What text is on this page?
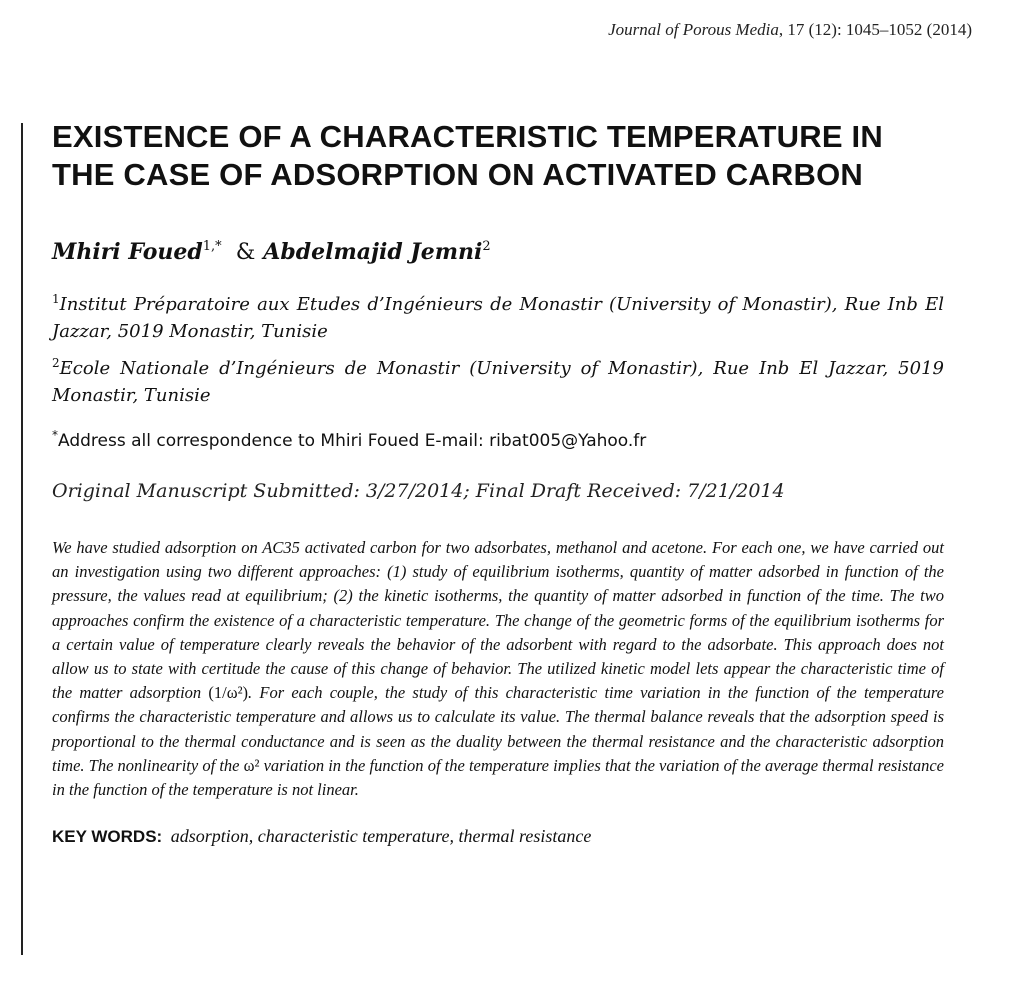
Journal of Porous Media, 17 (12): 1045–1052 (2014)
EXISTENCE OF A CHARACTERISTIC TEMPERATURE IN THE CASE OF ADSORPTION ON ACTIVATED CARBON
Mhiri Foued$^{1,*}$ & Abdelmajid Jemni$^2$
$^1$Institut Préparatoire aux Etudes d’Ingénieurs de Monastir (University of Monastir), Rue Inb El Jazzar, 5019 Monastir, Tunisie
$^2$Ecole Nationale d’Ingénieurs de Monastir (University of Monastir), Rue Inb El Jazzar, 5019 Monastir, Tunisie
*Address all correspondence to Mhiri Foued E-mail: ribat005@Yahoo.fr
Original Manuscript Submitted: 3/27/2014; Final Draft Received: 7/21/2014
We have studied adsorption on AC35 activated carbon for two adsorbates, methanol and acetone. For each one, we have carried out an investigation using two different approaches: (1) study of equilibrium isotherms, quantity of matter adsorbed in function of the pressure, the values read at equilibrium; (2) the kinetic isotherms, the quantity of matter adsorbed in function of the time. The two approaches confirm the existence of a characteristic temperature. The change of the geometric forms of the equilibrium isotherms for a certain value of temperature clearly reveals the behavior of the adsorbent with regard to the adsorbate. This approach does not allow us to state with certitude the cause of this change of behavior. The utilized kinetic model lets appear the characteristic time of the matter adsorption (1/ω²). For each couple, the study of this characteristic time variation in the function of the temperature confirms the characteristic temperature and allows us to calculate its value. The thermal balance reveals that the adsorption speed is proportional to the thermal conductance and is seen as the duality between the thermal resistance and the characteristic adsorption time. The nonlinearity of the ω² variation in the function of the temperature implies that the variation of the average thermal resistance in the function of the temperature is not linear.
KEY WORDS: adsorption, characteristic temperature, thermal resistance
